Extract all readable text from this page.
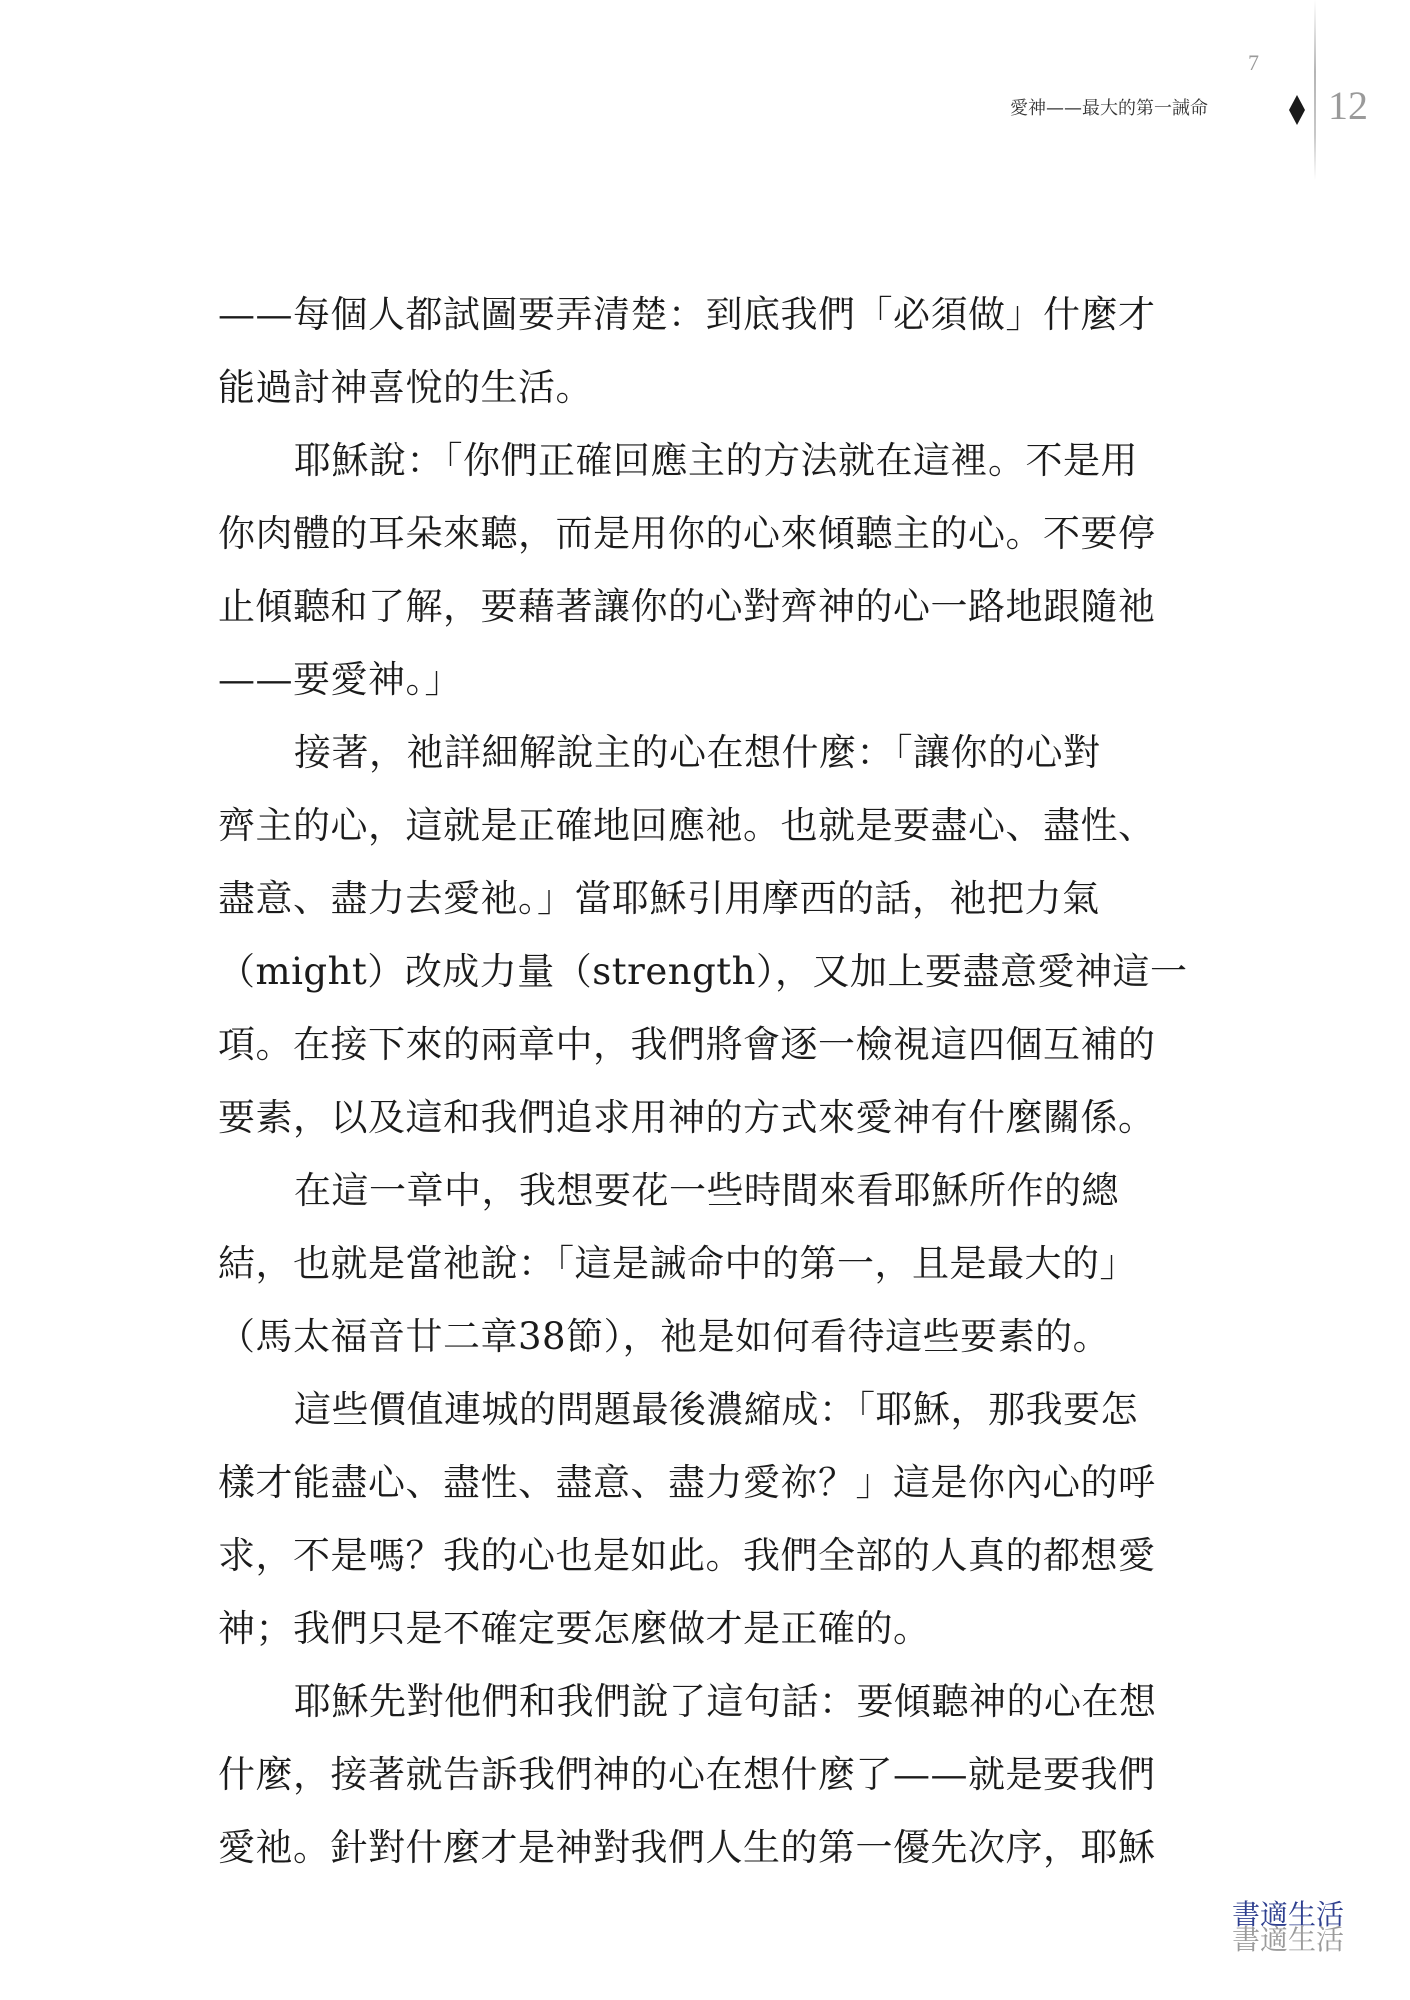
7
愛神——最大的第一誡命	12
——每個人都試圖要弄清楚：到底我們「必須做」什麼才
能過討神喜悅的生活。
耶穌說：「你們正確回應主的方法就在這裡。不是用
你肉體的耳朵來聽，而是用你的心來傾聽主的心。不要停
止傾聽和了解，要藉著讓你的心對齊神的心一路地跟隨祂
——要愛神。」
接著，祂詳細解說主的心在想什麼：「讓你的心對
齊主的心，這就是正確地回應祂。也就是要盡心、盡性、
盡意、盡力去愛祂。」當耶穌引用摩西的話，祂把力氣
（might）改成力量（strength），又加上要盡意愛神這一
項。在接下來的兩章中，我們將會逐一檢視這四個互補的
要素，以及這和我們追求用神的方式來愛神有什麼關係。
在這一章中，我想要花一些時間來看耶穌所作的總
結，也就是當祂說：「這是誡命中的第一，且是最大的」
（馬太福音廿二章38節），祂是如何看待這些要素的。
這些價值連城的問題最後濃縮成：「耶穌，那我要怎
樣才能盡心、盡性、盡意、盡力愛祢？」這是你內心的呼
求，不是嗎？我的心也是如此。我們全部的人真的都想愛
神；我們只是不確定要怎麼做才是正確的。
耶穌先對他們和我們說了這句話：要傾聽神的心在想
什麼，接著就告訴我們神的心在想什麼了——就是要我們
愛祂。針對什麼才是神對我們人生的第一優先次序，耶穌
書適生活
書適生活
